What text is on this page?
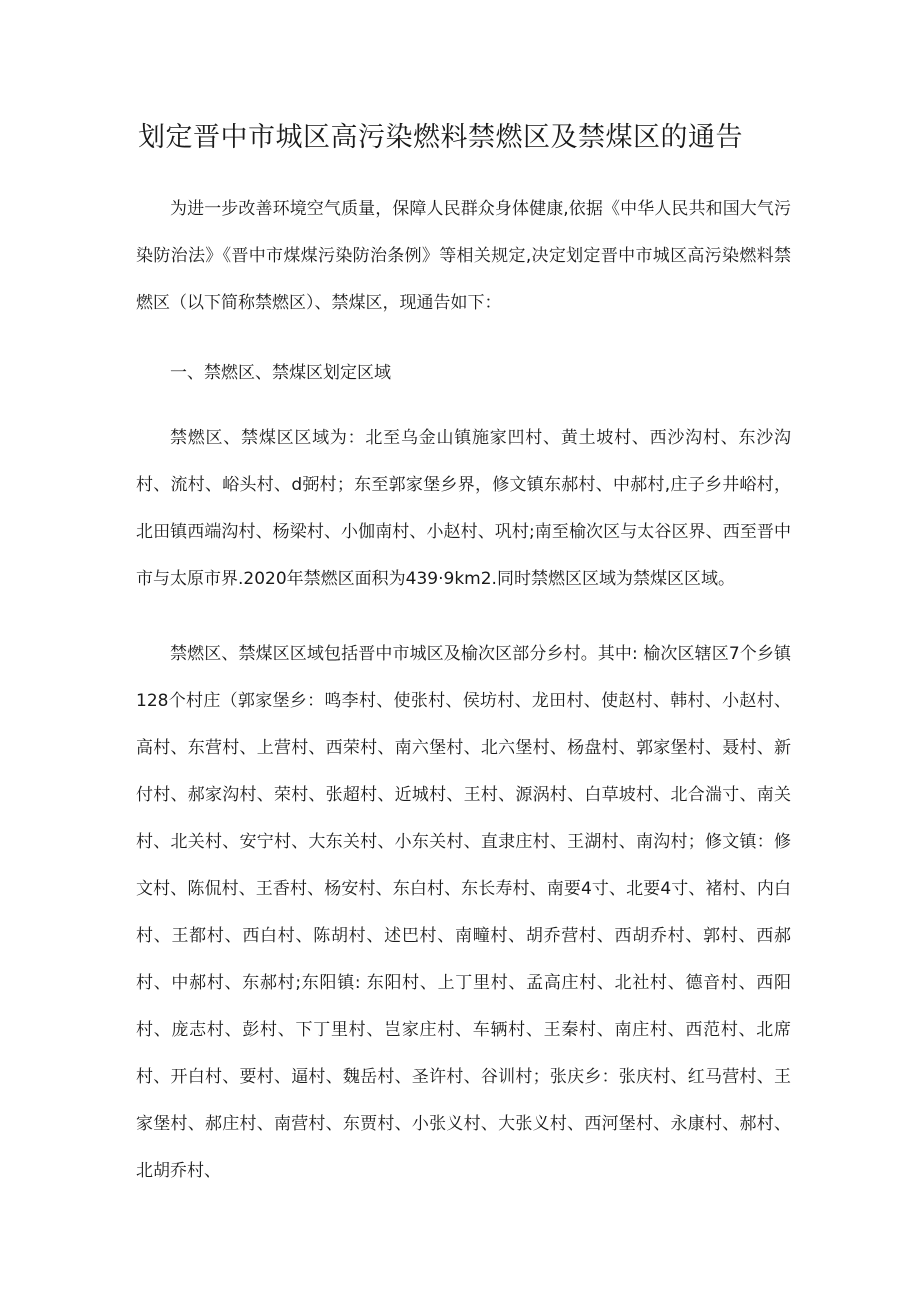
划定晋中市城区高污染燃料禁燃区及禁煤区的通告

为进一步改善环境空气质量，保障人民群众身体健康,依据《中华人民共和国大气污染防治法》《晋中市煤煤污染防治条例》等相关规定,决定划定晋中市城区高污染燃料禁燃区（以下简称禁燃区）、禁煤区，现通告如下：

一、禁燃区、禁煤区划定区域

禁燃区、禁煤区区域为：北至乌金山镇施家凹村、黄土坡村、西沙沟村、东沙沟村、流村、峪头村、d弼村；东至郭家堡乡界，修文镇东郝村、中郝村,庄子乡井峪村，北田镇西端沟村、杨梁村、小伽南村、小赵村、巩村;南至榆次区与太谷区界、西至晋中市与太原市界.2020年禁燃区面积为439·9km2.同时禁燃区区域为禁煤区区域。

禁燃区、禁煤区区域包括晋中市城区及榆次区部分乡村。其中: 榆次区辖区7个乡镇128个村庄（郭家堡乡：鸣李村、使张村、侯坊村、龙田村、使赵村、韩村、小赵村、高村、东营村、上营村、西荣村、南六堡村、北六堡村、杨盘村、郭家堡村、聂村、新付村、郝家沟村、荣村、张超村、近城村、王村、源涡村、白草坡村、北合湍寸、南关村、北关村、安宁村、大东关村、小东关村、直隶庄村、王湖村、南沟村；修文镇：修文村、陈侃村、王香村、杨安村、东白村、东长寿村、南要4寸、北要4寸、褚村、内白村、王都村、西白村、陈胡村、述巴村、南疃村、胡乔营村、西胡乔村、郭村、西郝村、中郝村、东郝村;东阳镇: 东阳村、上丁里村、孟高庄村、北社村、德音村、西阳村、庞志村、彭村、下丁里村、岂家庄村、车辆村、王秦村、南庄村、西范村、北席村、开白村、要村、逼村、魏岳村、圣许村、谷训村；张庆乡：张庆村、红马营村、王家堡村、郝庄村、南营村、东贾村、小张义村、大张义村、西河堡村、永康村、郝村、北胡乔村、
